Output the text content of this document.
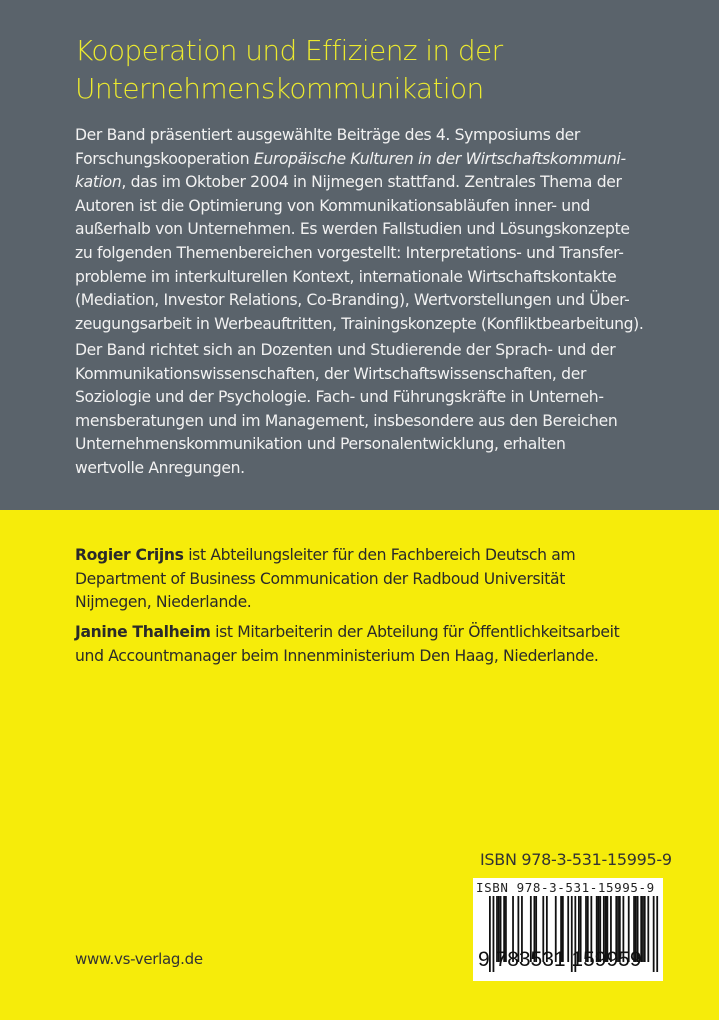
Kooperation und Effizienz in der
Unternehmenskommunikation
Der Band präsentiert ausgewählte Beiträge des 4. Symposiums der
Forschungskooperation Europäische Kulturen in der Wirtschaftskommuni-
kation, das im Oktober 2004 in Nijmegen stattfand. Zentrales Thema der
Autoren ist die Optimierung von Kommunikationsabläufen inner- und
außerhalb von Unternehmen. Es werden Fallstudien und Lösungskonzepte
zu folgenden Themenbereichen vorgestellt: Interpretations- und Transfer-
probleme im interkulturellen Kontext, internationale Wirtschaftskontakte
(Mediation, Investor Relations, Co-Branding), Wertvorstellungen und Über-
zeugungsarbeit in Werbeauftritten, Trainingskonzepte (Konfliktbearbeitung).
Der Band richtet sich an Dozenten und Studierende der Sprach- und der
Kommunikationswissenschaften, der Wirtschaftswissenschaften, der
Soziologie und der Psychologie. Fach- und Führungskräfte in Unterneh-
mensberatungen und im Management, insbesondere aus den Bereichen
Unternehmenskommunikation und Personalentwicklung, erhalten
wertvolle Anregungen.
Rogier Crijns ist Abteilungsleiter für den Fachbereich Deutsch am
Department of Business Communication der Radboud Universität
Nijmegen, Niederlande.
Janine Thalheim ist Mitarbeiterin der Abteilung für Öffentlichkeitsarbeit
und Accountmanager beim Innenministerium Den Haag, Niederlande.
ISBN 978-3-531-15995-9
ISBN 978-3-531-15995-9
9 783531 159959
www.vs-verlag.de
